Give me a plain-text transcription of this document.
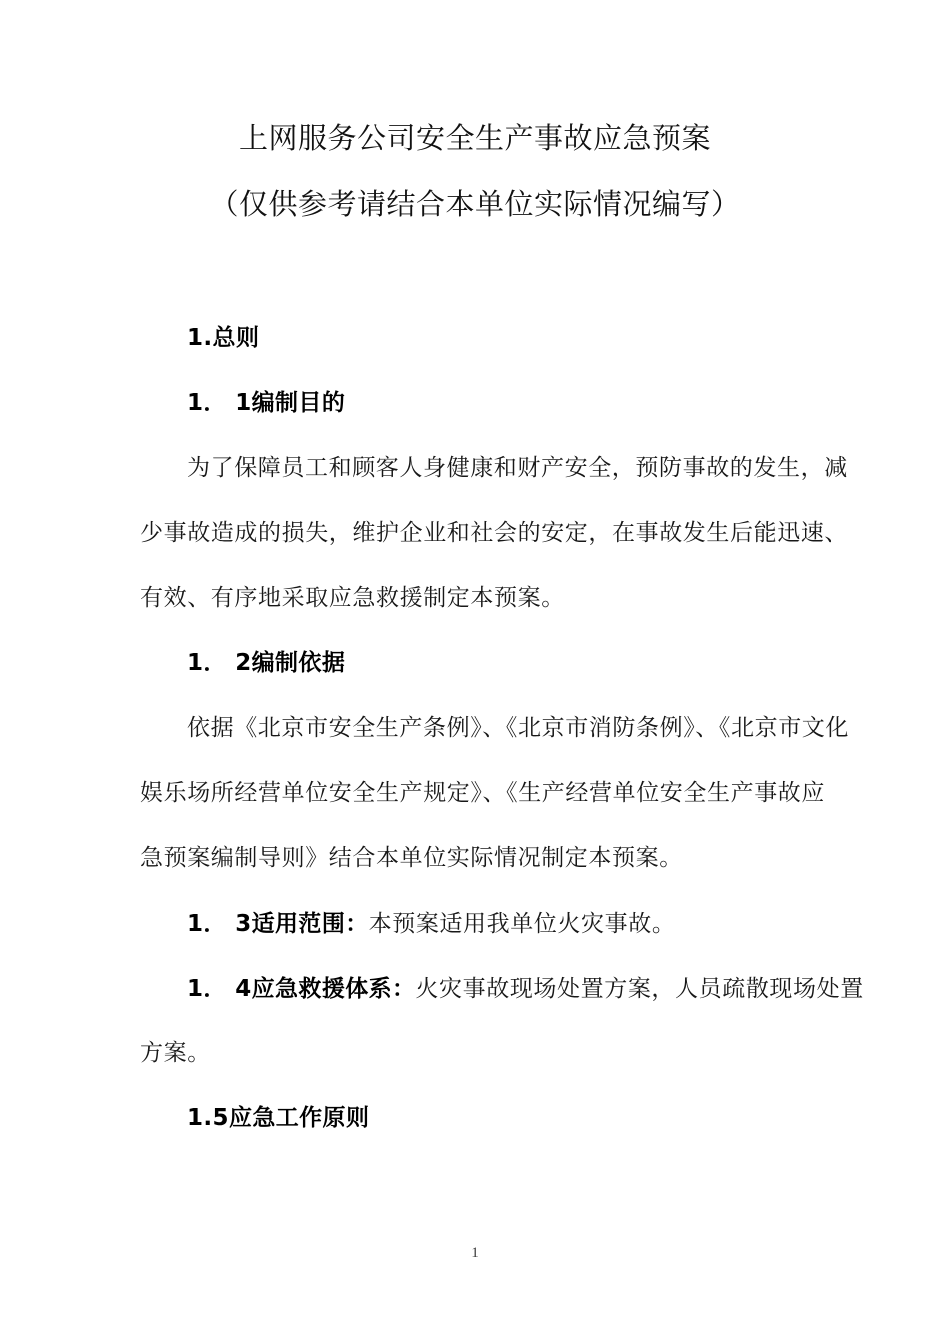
上网服务公司安全生产事故应急预案
（仅供参考请结合本单位实际情况编写）
1.总则
1． 1编制目的
为了保障员工和顾客人身健康和财产安全，预防事故的发生，减
少事故造成的损失，维护企业和社会的安定，在事故发生后能迅速、
有效、有序地采取应急救援制定本预案。
1． 2编制依据
依据《北京市安全生产条例》、《北京市消防条例》、《北京市文化
娱乐场所经营单位安全生产规定》、《生产经营单位安全生产事故应
急预案编制导则》结合本单位实际情况制定本预案。
1． 3适用范围：本预案适用我单位火灾事故。
1． 4应急救援体系：火灾事故现场处置方案，人员疏散现场处置
方案。
1.5应急工作原则
1
